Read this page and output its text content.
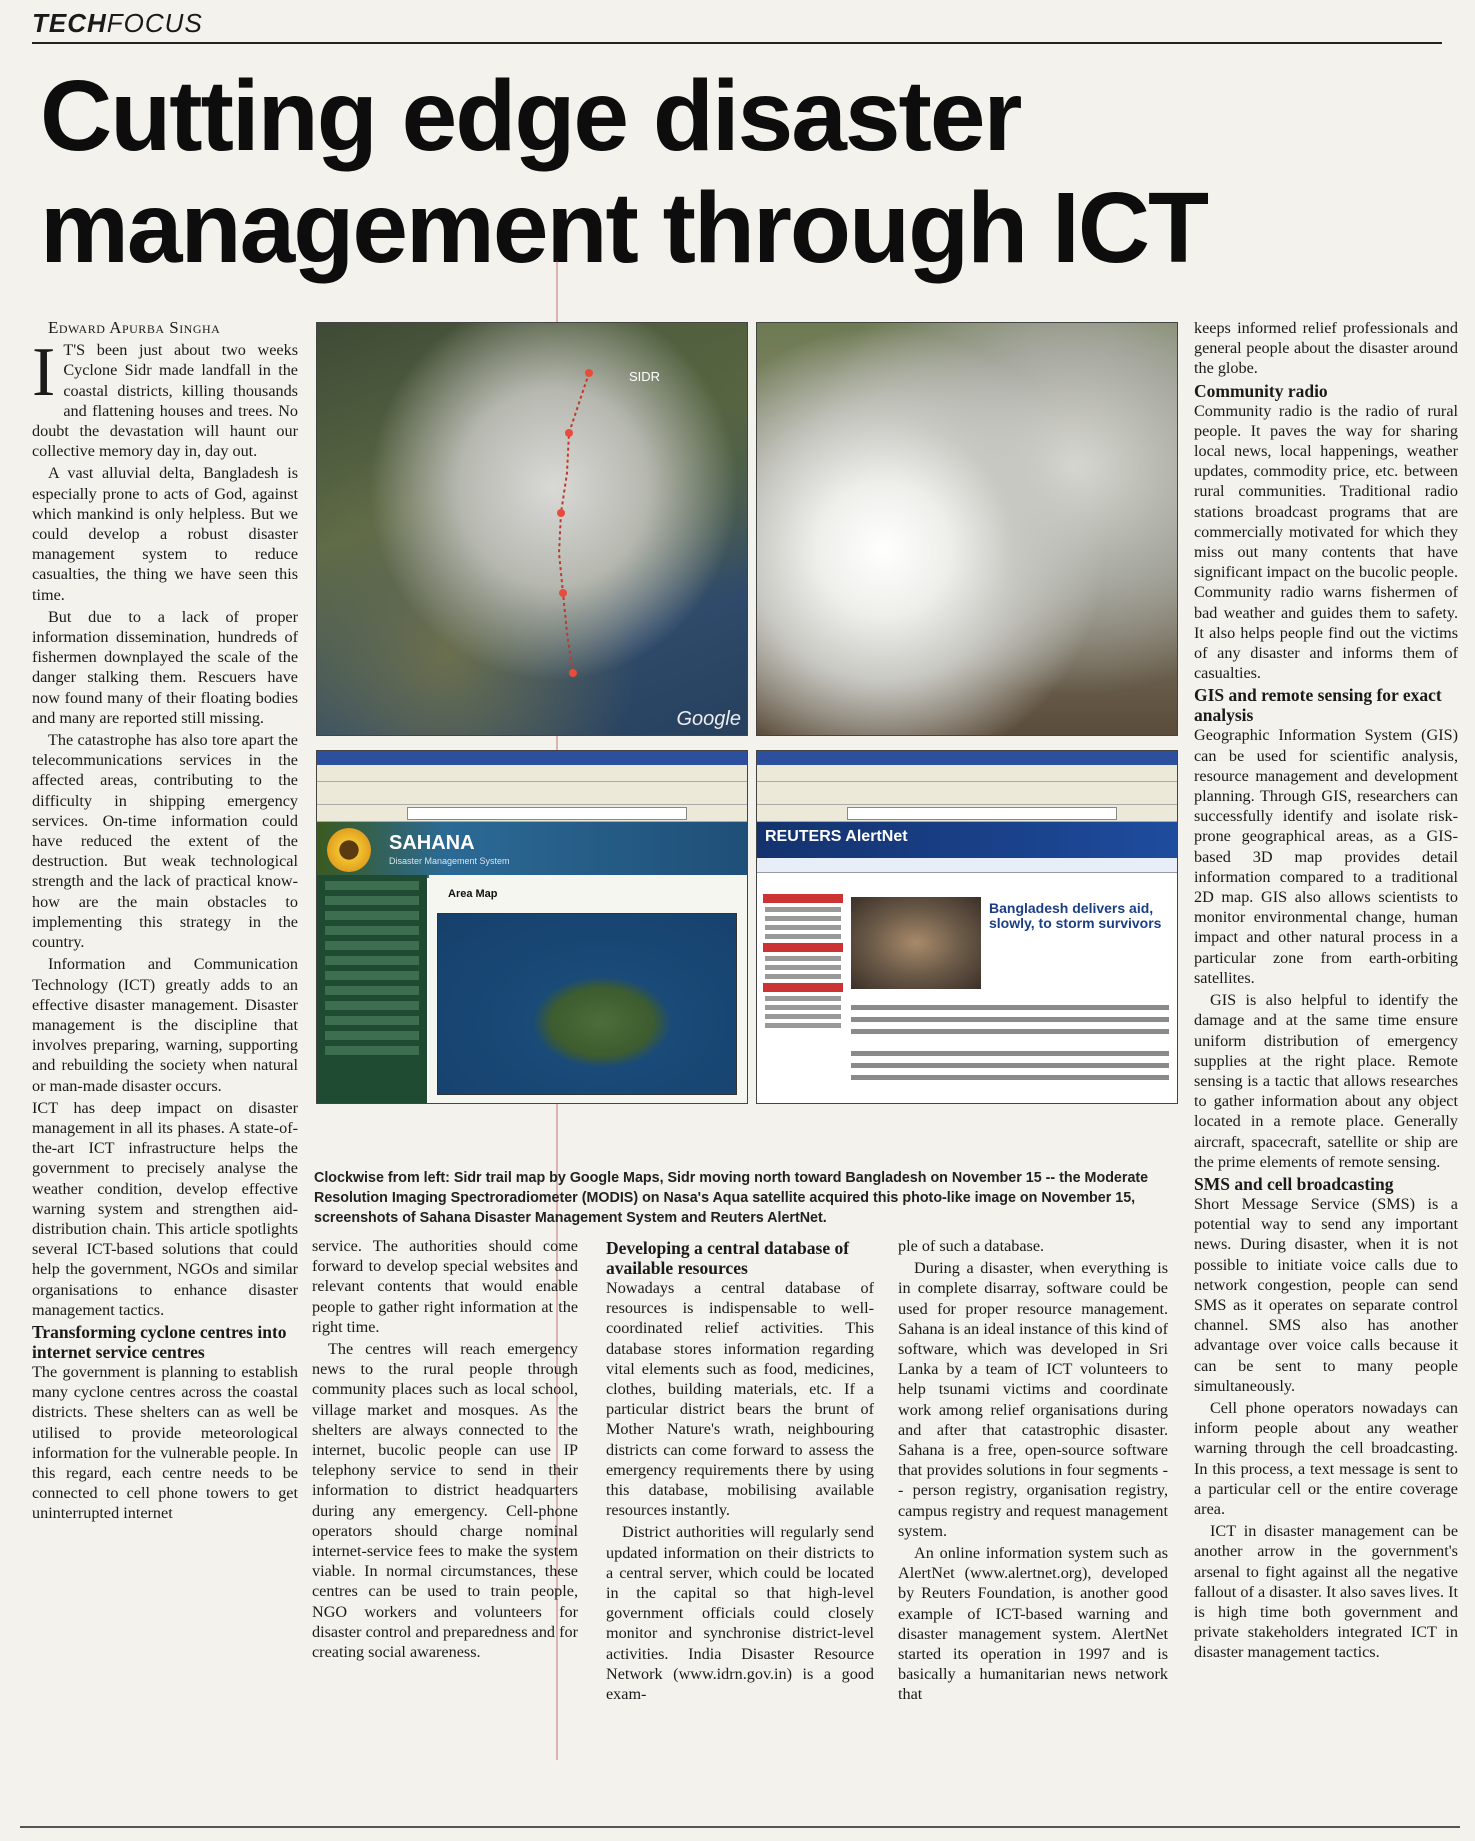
TECHFOCUS
Cutting edge disaster management through ICT

Edward Apurba Singha

I T'S been just about two weeks Cyclone Sidr made landfall in the coastal districts, killing thousands and flattening houses and trees. No doubt the devastation will haunt our collective memory day in, day out.

A vast alluvial delta, Bangladesh is especially prone to acts of God, against which mankind is only helpless. But we could develop a robust disaster management system to reduce casualties, the thing we have seen this time.

But due to a lack of proper information dissemination, hundreds of fishermen downplayed the scale of the danger stalking them. Rescuers have now found many of their floating bodies and many are reported still missing.

The catastrophe has also tore apart the telecommunications services in the affected areas, contributing to the difficulty in shipping emergency services. On-time information could have reduced the extent of the destruction. But weak technological strength and the lack of practical know-how are the main obstacles to implementing this strategy in the country.

Information and Communication Technology (ICT) greatly adds to an effective disaster management. Disaster management is the discipline that involves preparing, warning, supporting and rebuilding the society when natural or man-made disaster occurs.

ICT has deep impact on disaster management in all its phases. A state-of-the-art ICT infrastructure helps the government to precisely analyse the weather condition, develop effective warning system and strengthen aid-distribution chain. This article spotlights several ICT-based solutions that could help the government, NGOs and similar organisations to enhance disaster management tactics.

Transforming cyclone centres into internet service centres

The government is planning to establish many cyclone centres across the coastal districts. These shelters can as well be utilised to provide meteorological information for the vulnerable people. In this regard, each centre needs to be connected to cell phone towers to get uninterrupted internet

SIDR
Google
SAHANA
Disaster Management System
Area Map
REUTERS AlertNet
Bangladesh delivers aid, slowly, to storm survivors
Clockwise from left: Sidr trail map by Google Maps, Sidr moving north toward Bangladesh on November 15 -- the Moderate Resolution Imaging Spectroradiometer (MODIS) on Nasa's Aqua satellite acquired this photo-like image on November 15, screenshots of Sahana Disaster Management System and Reuters AlertNet.

service. The authorities should come forward to develop special websites and relevant contents that would enable people to gather right information at the right time.

The centres will reach emergency news to the rural people through community places such as local school, village market and mosques. As the shelters are always connected to the internet, bucolic people can use IP telephony service to send in their information to district headquarters during any emergency. Cell-phone operators should charge nominal internet-service fees to make the system viable. In normal circumstances, these centres can be used to train people, NGO workers and volunteers for disaster control and preparedness and for creating social awareness.

Developing a central database of available resources

Nowadays a central database of resources is indispensable to well-coordinated relief activities. This database stores information regarding vital elements such as food, medicines, clothes, building materials, etc. If a particular district bears the brunt of Mother Nature's wrath, neighbouring districts can come forward to assess the emergency requirements there by using this database, mobilising available resources instantly.

District authorities will regularly send updated information on their districts to a central server, which could be located in the capital so that high-level government officials could closely monitor and synchronise district-level activities. India Disaster Resource Network (www.idrn.gov.in) is a good exam-

ple of such a database.

During a disaster, when everything is in complete disarray, software could be used for proper resource management. Sahana is an ideal instance of this kind of software, which was developed in Sri Lanka by a team of ICT volunteers to help tsunami victims and coordinate work among relief organisations during and after that catastrophic disaster. Sahana is a free, open-source software that provides solutions in four segments -- person registry, organisation registry, campus registry and request management system.

An online information system such as AlertNet (www.alertnet.org), developed by Reuters Foundation, is another good example of ICT-based warning and disaster management system. AlertNet started its operation in 1997 and is basically a humanitarian news network that

keeps informed relief professionals and general people about the disaster around the globe.

Community radio

Community radio is the radio of rural people. It paves the way for sharing local news, local happenings, weather updates, commodity price, etc. between rural communities. Traditional radio stations broadcast programs that are commercially motivated for which they miss out many contents that have significant impact on the bucolic people. Community radio warns fishermen of bad weather and guides them to safety. It also helps people find out the victims of any disaster and informs them of casualties.

GIS and remote sensing for exact analysis

Geographic Information System (GIS) can be used for scientific analysis, resource management and development planning. Through GIS, researchers can successfully identify and isolate risk-prone geographical areas, as a GIS-based 3D map provides detail information compared to a traditional 2D map. GIS also allows scientists to monitor environmental change, human impact and other natural process in a particular zone from earth-orbiting satellites.

GIS is also helpful to identify the damage and at the same time ensure uniform distribution of emergency supplies at the right place. Remote sensing is a tactic that allows researches to gather information about any object located in a remote place. Generally aircraft, spacecraft, satellite or ship are the prime elements of remote sensing.

SMS and cell broadcasting

Short Message Service (SMS) is a potential way to send any important news. During disaster, when it is not possible to initiate voice calls due to network congestion, people can send SMS as it operates on separate control channel. SMS also has another advantage over voice calls because it can be sent to many people simultaneously.

Cell phone operators nowadays can inform people about any weather warning through the cell broadcasting. In this process, a text message is sent to a particular cell or the entire coverage area.

ICT in disaster management can be another arrow in the government's arsenal to fight against all the negative fallout of a disaster. It also saves lives. It is high time both government and private stakeholders integrated ICT in disaster management tactics.
